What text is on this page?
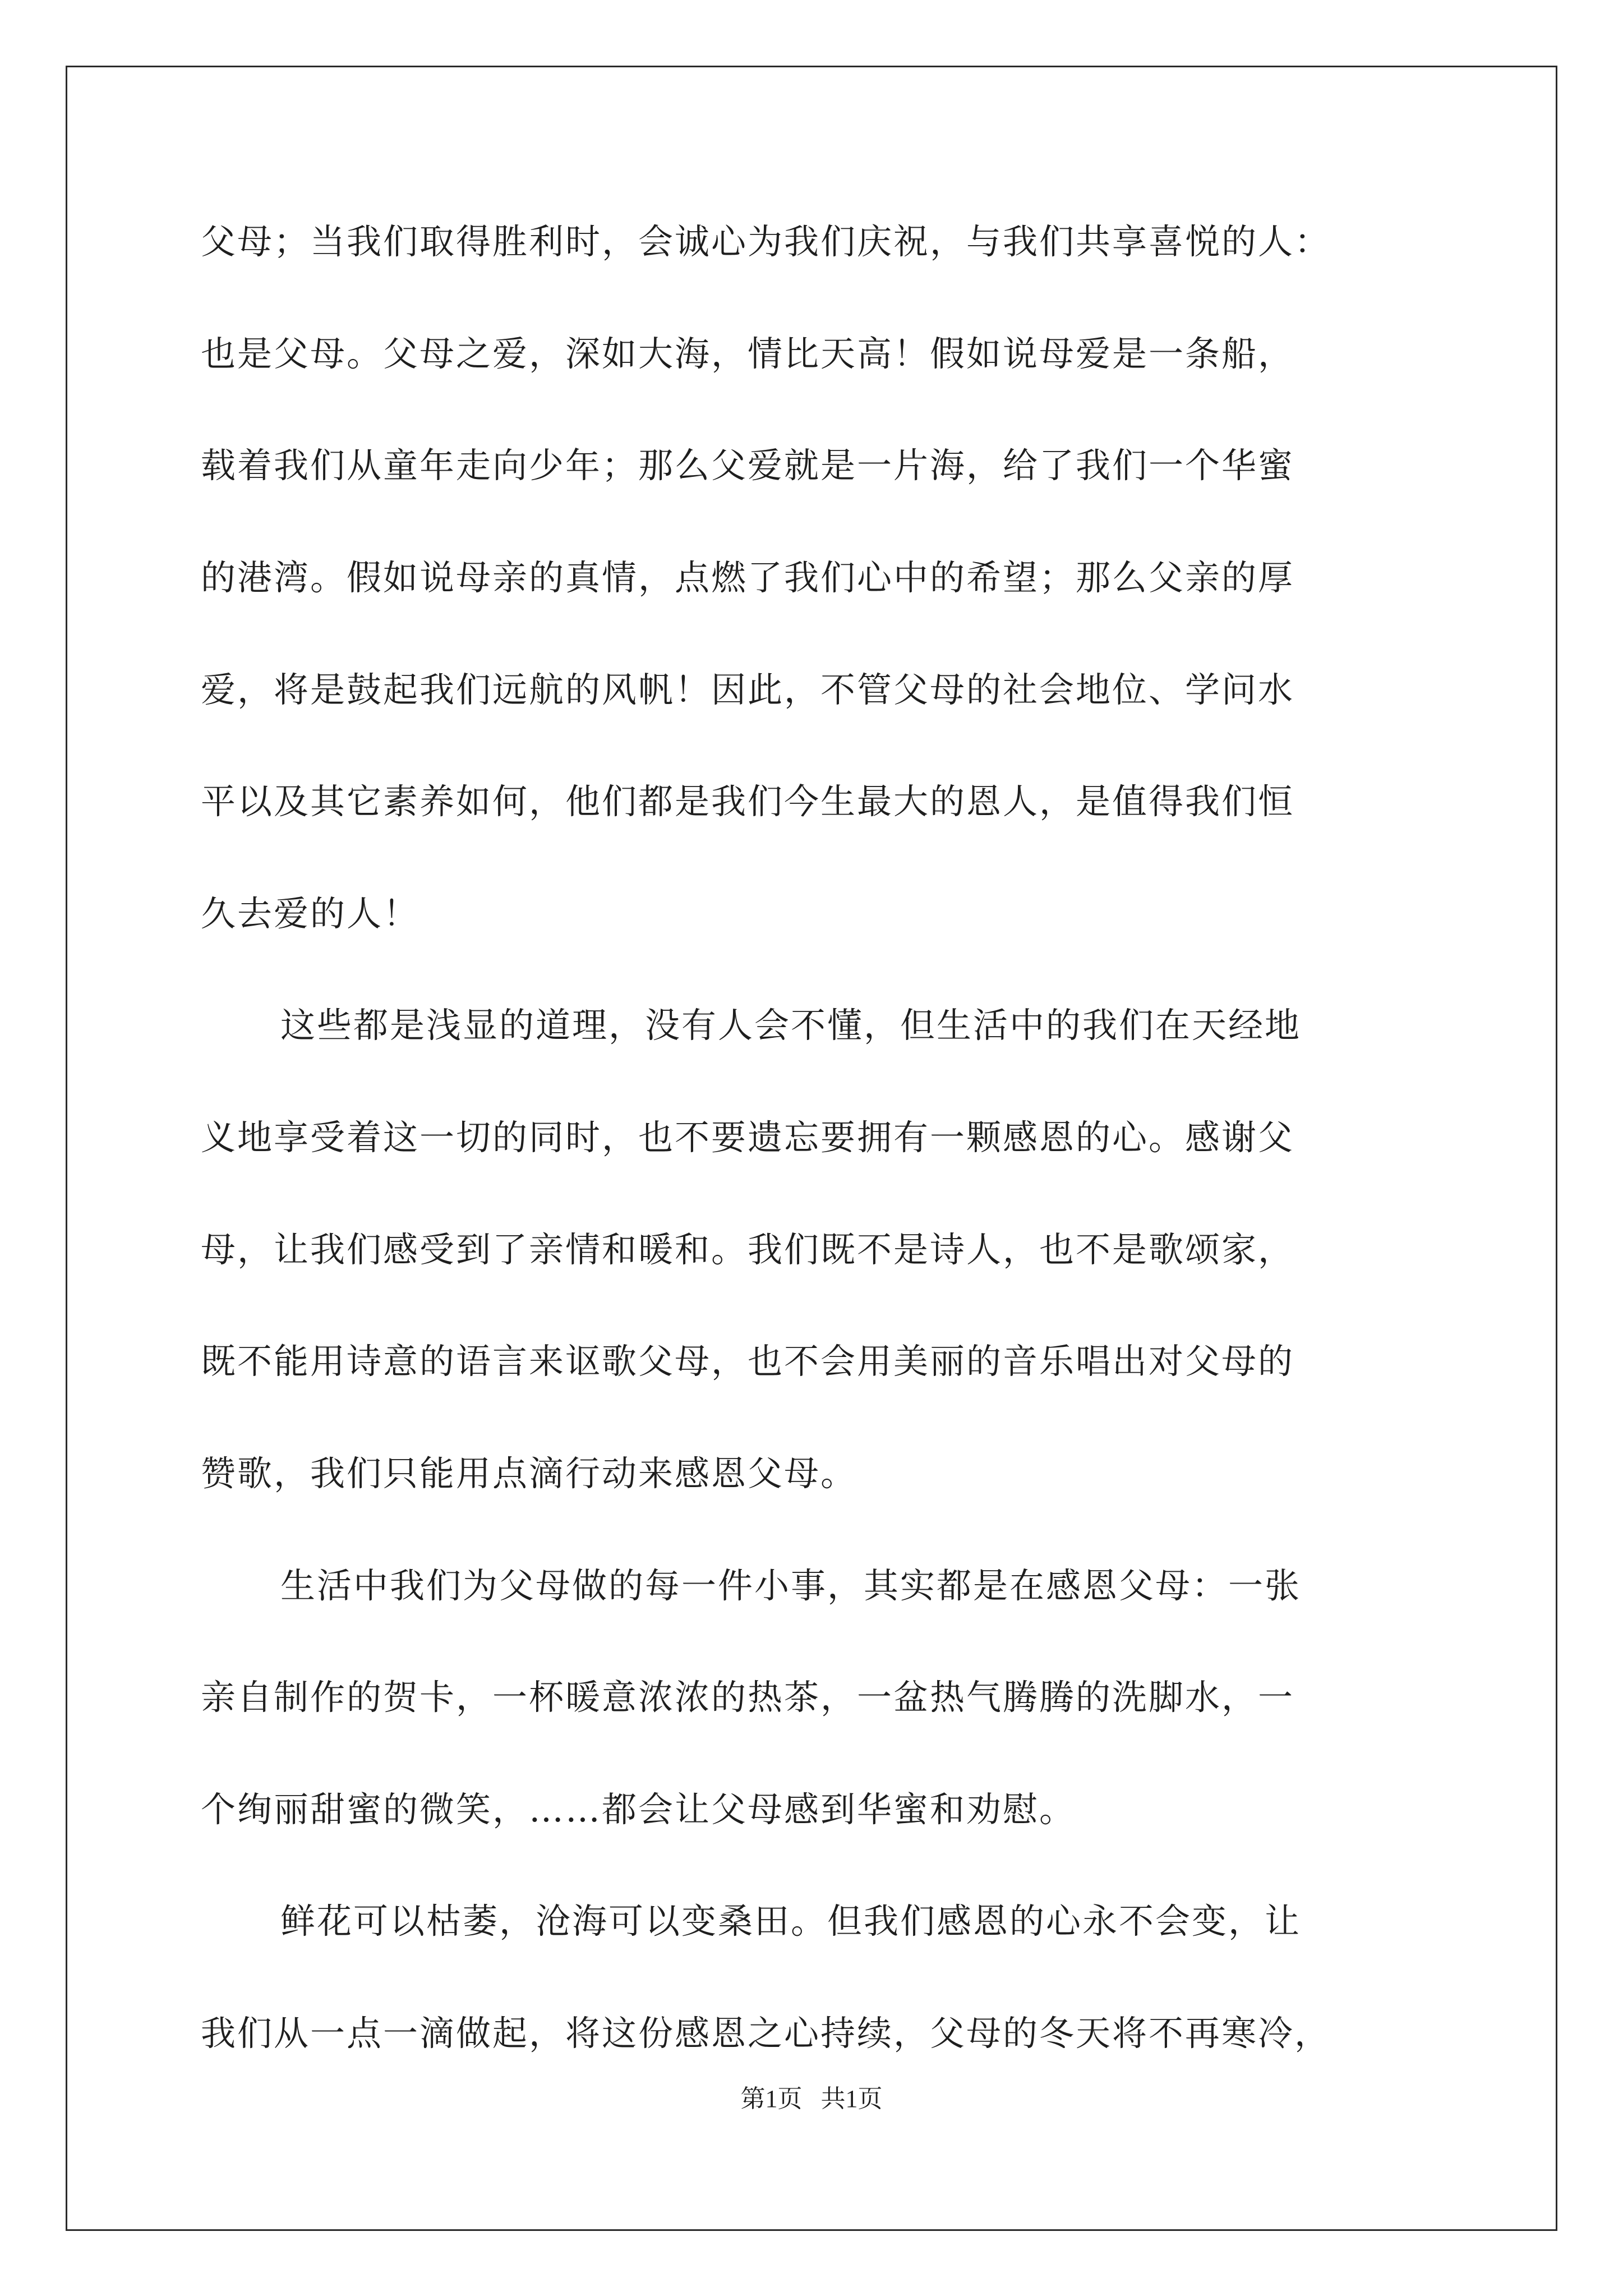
父母；当我们取得胜利时，会诚心为我们庆祝，与我们共享喜悦的人：
也是父母。父母之爱，深如大海，情比天高！假如说母爱是一条船，
载着我们从童年走向少年；那么父爱就是一片海，给了我们一个华蜜
的港湾。假如说母亲的真情，点燃了我们心中的希望；那么父亲的厚
爱，将是鼓起我们远航的风帆！因此，不管父母的社会地位、学问水
平以及其它素养如何，他们都是我们今生最大的恩人，是值得我们恒
久去爱的人！
这些都是浅显的道理，没有人会不懂，但生活中的我们在天经地
义地享受着这一切的同时，也不要遗忘要拥有一颗感恩的心。感谢父
母，让我们感受到了亲情和暖和。我们既不是诗人，也不是歌颂家，
既不能用诗意的语言来讴歌父母，也不会用美丽的音乐唱出对父母的
赞歌，我们只能用点滴行动来感恩父母。
生活中我们为父母做的每一件小事，其实都是在感恩父母：一张
亲自制作的贺卡，一杯暖意浓浓的热茶，一盆热气腾腾的洗脚水，一
个绚丽甜蜜的微笑，……都会让父母感到华蜜和劝慰。
鲜花可以枯萎，沧海可以变桑田。但我们感恩的心永不会变，让
我们从一点一滴做起，将这份感恩之心持续，父母的冬天将不再寒冷，
第1页   共1页
